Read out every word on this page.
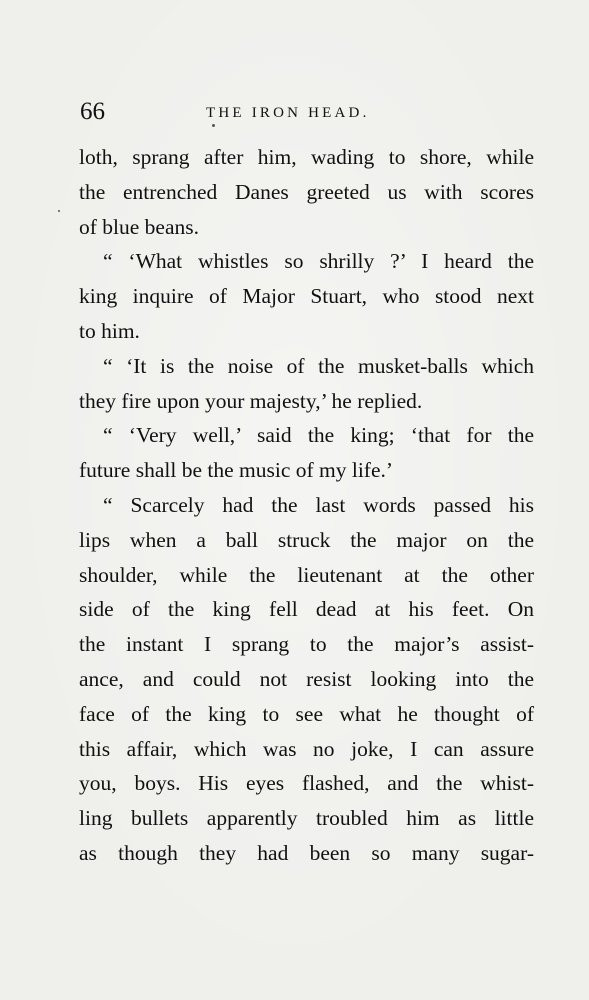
66	THE IRON HEAD.
loth, sprang after him, wading to shore, while
the entrenched Danes greeted us with scores
of blue beans.
“ ‘What whistles so shrilly ?’ I heard the
king inquire of Major Stuart, who stood next
to him.
“ ‘It is the noise of the musket-balls which
they fire upon your majesty,’ he replied.
“ ‘Very well,’ said the king; ‘that for the
future shall be the music of my life.’
“ Scarcely had the last words passed his
lips when a ball struck the major on the
shoulder, while the lieutenant at the other
side of the king fell dead at his feet. On
the instant I sprang to the major’s assist-
ance, and could not resist looking into the
face of the king to see what he thought of
this affair, which was no joke, I can assure
you, boys. His eyes flashed, and the whist-
ling bullets apparently troubled him as little
as though they had been so many sugar-
